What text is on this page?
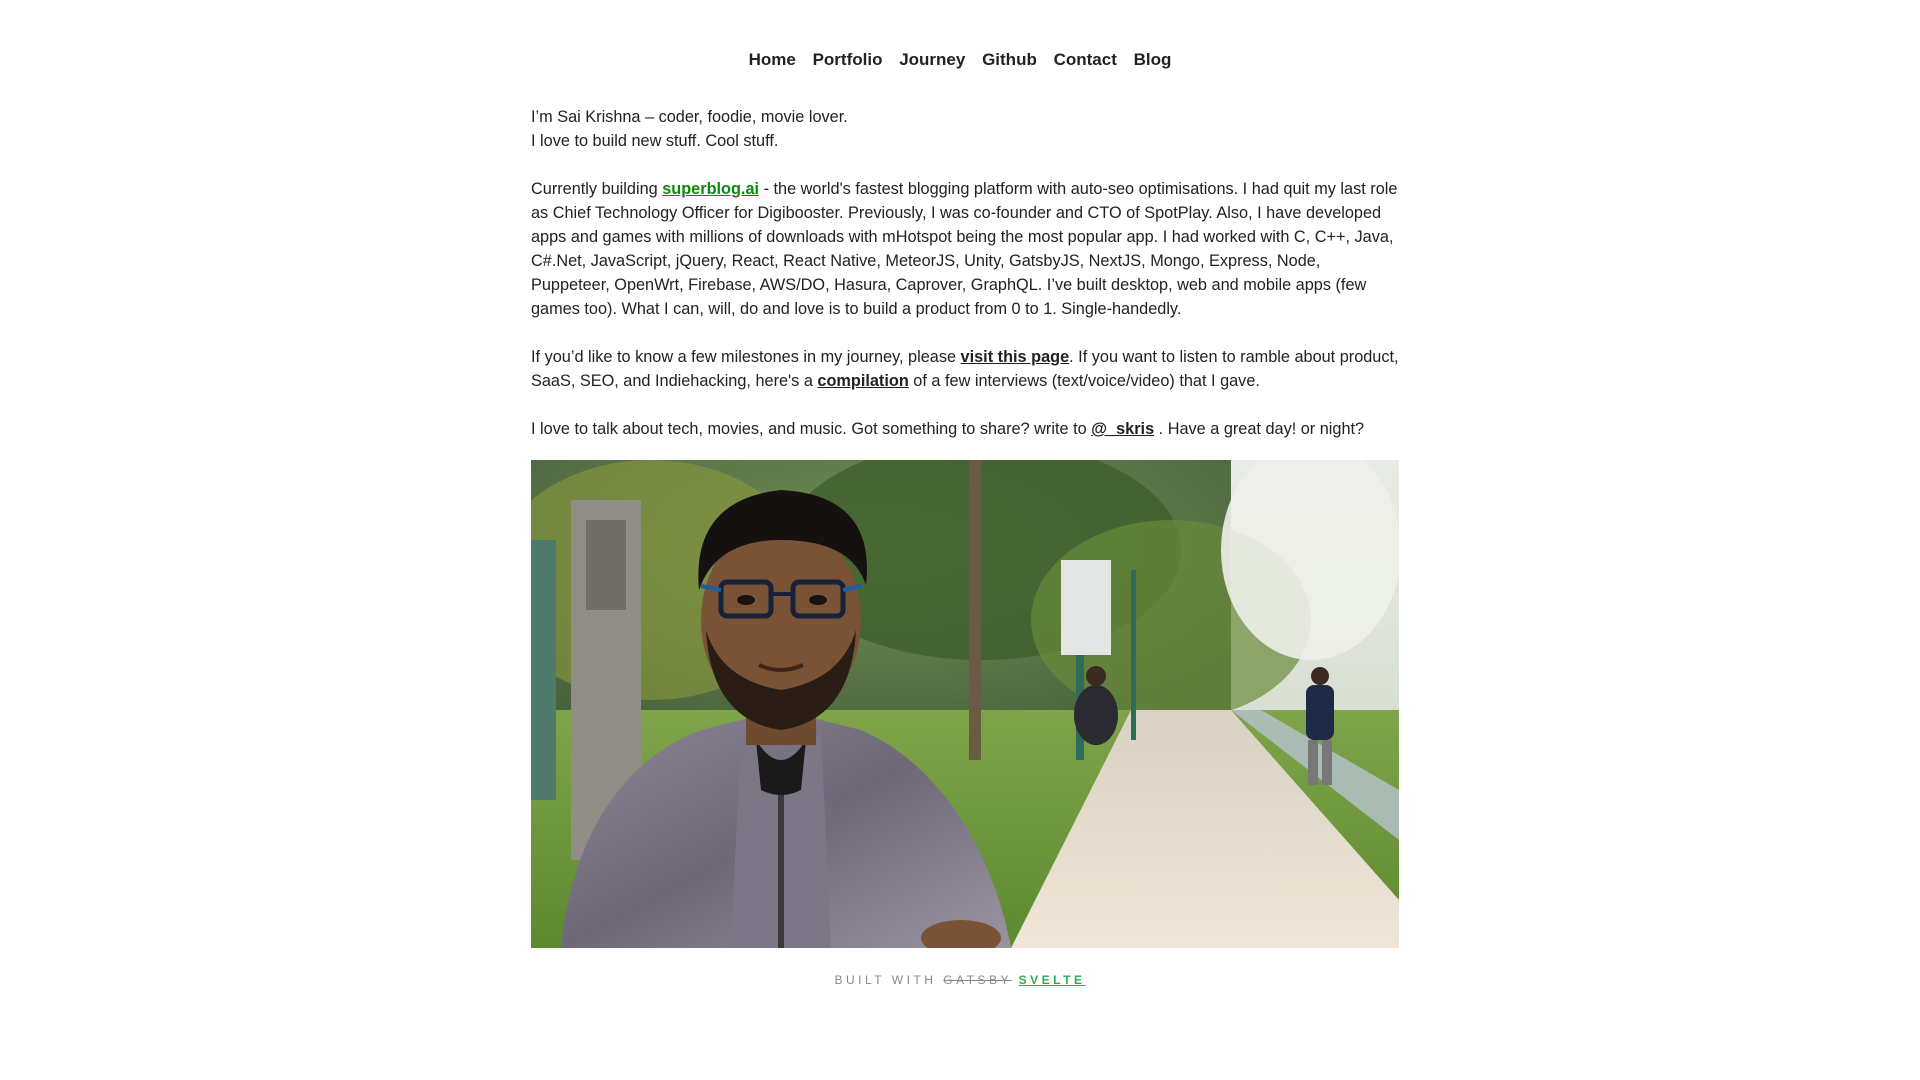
Home Portfolio Journey Github Contact Blog

I’m Sai Krishna – coder, foodie, movie lover.
I love to build new stuff. Cool stuff.

Currently building superblog.ai - the world's fastest blogging platform with auto-seo optimisations. I had quit my last role as Chief Technology Officer for Digibooster. Previously, I was co-founder and CTO of SpotPlay. Also, I have developed apps and games with millions of downloads with mHotspot being the most popular app. I had worked with C, C++, Java, C#.Net, JavaScript, jQuery, React, React Native, MeteorJS, Unity, GatsbyJS, NextJS, Mongo, Express, Node, Puppeteer, OpenWrt, Firebase, AWS/DO, Hasura, Caprover, GraphQL. I’ve built desktop, web and mobile apps (few games too). What I can, will, do and love is to build a product from 0 to 1. Single-handedly.

If you’d like to know a few milestones in my journey, please visit this page. If you want to listen to ramble about product, SaaS, SEO, and Indiehacking, here's a compilation of a few interviews (text/voice/video) that I gave.

I love to talk about tech, movies, and music. Got something to share? write to @_skris . Have a great day! or night?

BUILT WITH GATSBY SVELTE
